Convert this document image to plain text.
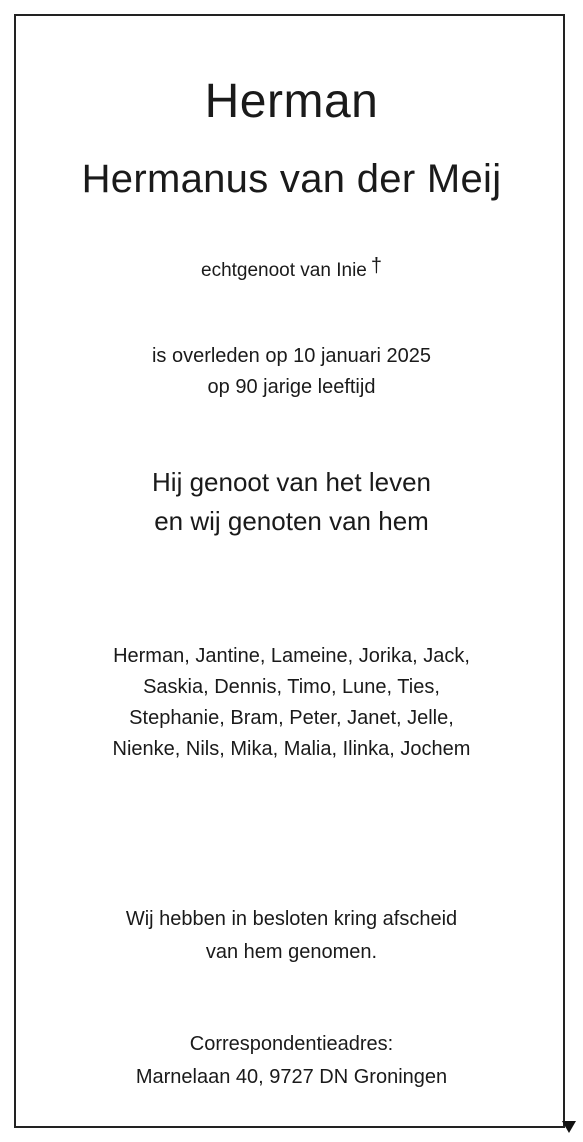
Herman
Hermanus van der Meij
echtgenoot van Inie †
is overleden op 10 januari 2025
op 90 jarige leeftijd
Hij genoot van het leven
en wij genoten van hem
Herman, Jantine, Lameine, Jorika, Jack,
Saskia, Dennis, Timo, Lune, Ties,
Stephanie, Bram, Peter, Janet, Jelle,
Nienke, Nils, Mika, Malia, Ilinka, Jochem
Wij hebben in besloten kring afscheid
van hem genomen.
Correspondentieadres:
Marnelaan 40, 9727 DN Groningen
